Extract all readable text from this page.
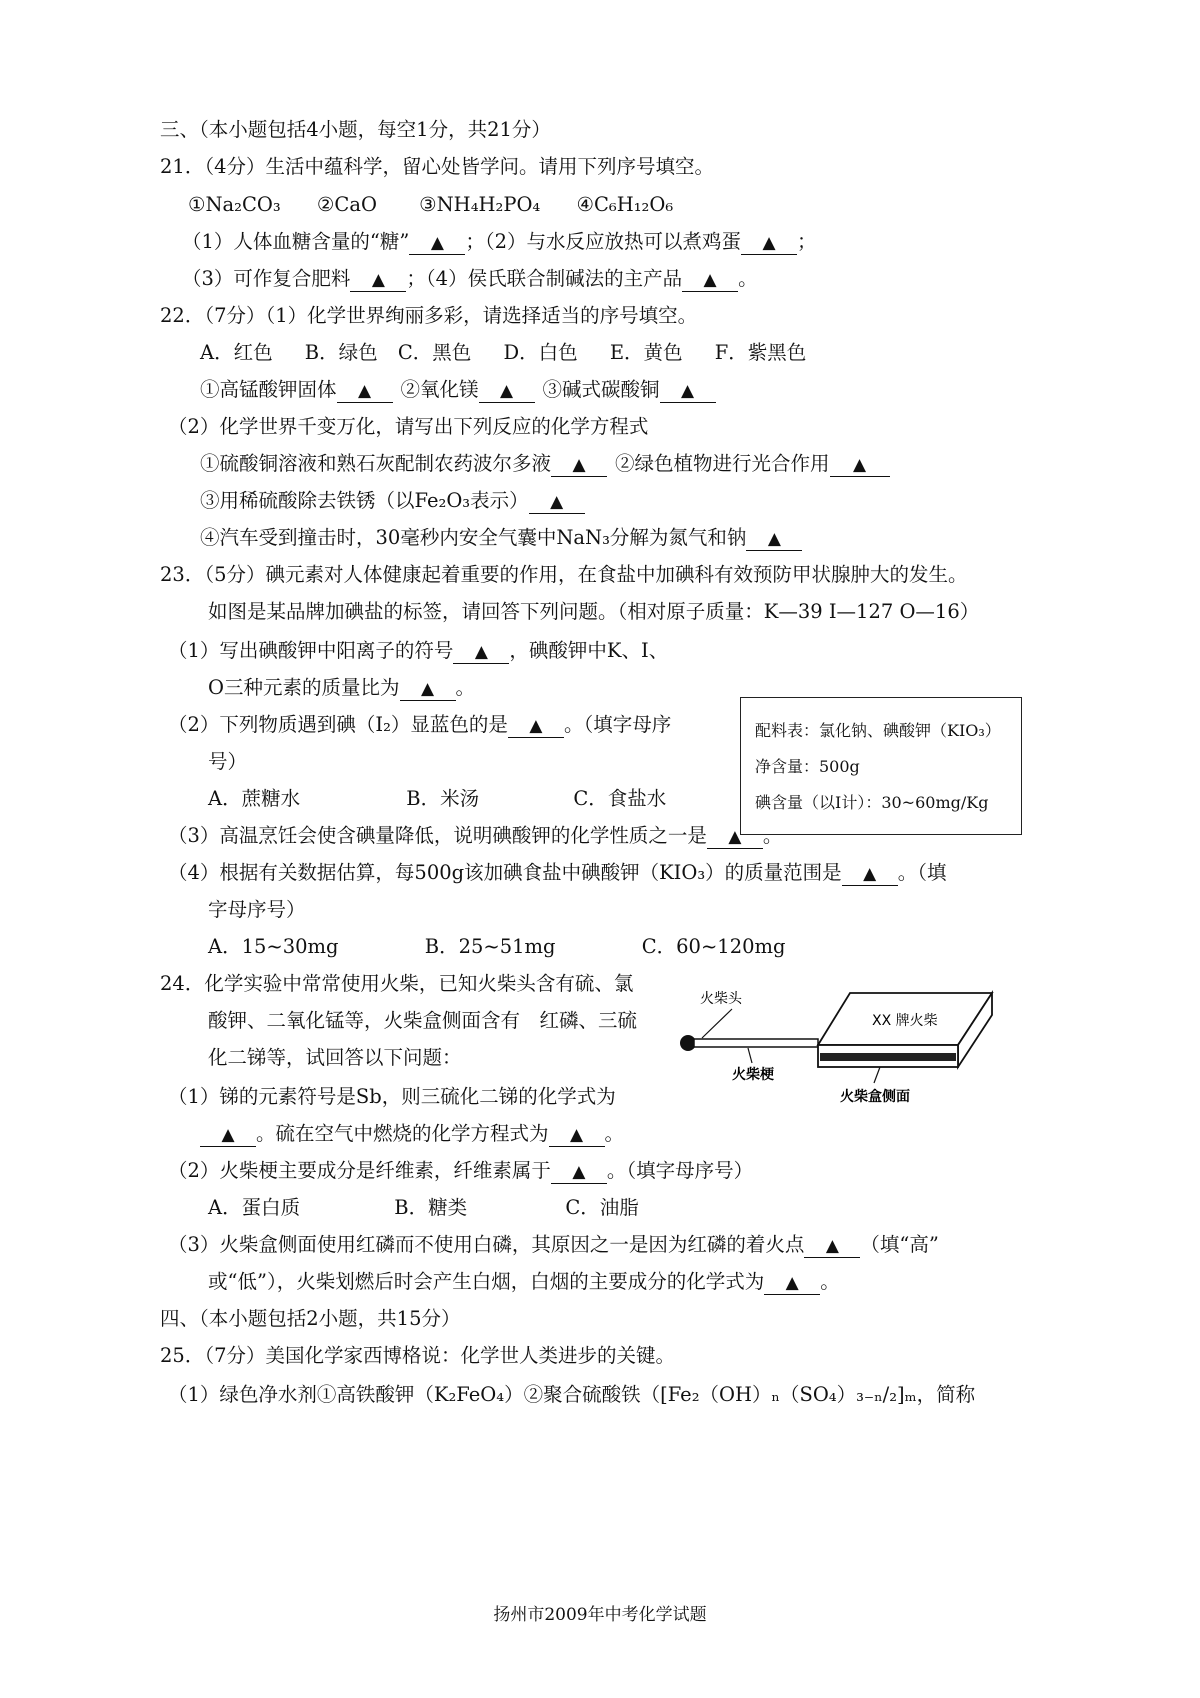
三、（本小题包括4小题，每空1分，共21分）
21．（4分）生活中蕴科学，留心处皆学问。请用下列序号填空。
①Na₂CO₃ ②CaO ③NH₄H₂PO₄ ④C₆H₁₂O₆
（1）人体血糖含量的“糖” ▲ ；（2）与水反应放热可以煮鸡蛋 ▲ ；
（3）可作复合肥料 ▲ ；（4）侯氏联合制碱法的主产品 ▲ 。
22．（7分）（1）化学世界绚丽多彩，请选择适当的序号填空。
A．红色 B．绿色 C．黑色 D．白色 E．黄色 F．紫黑色
①高锰酸钾固体 ▲ ②氧化镁 ▲ ③碱式碳酸铜 ▲
（2）化学世界千变万化，请写出下列反应的化学方程式
①硫酸铜溶液和熟石灰配制农药波尔多液 ▲ ②绿色植物进行光合作用 ▲
③用稀硫酸除去铁锈（以Fe₂O₃表示） ▲
④汽车受到撞击时，30毫秒内安全气囊中NaN₃分解为氮气和钠 ▲
23．（5分）碘元素对人体健康起着重要的作用，在食盐中加碘科有效预防甲状腺肿大的发生。
如图是某品牌加碘盐的标签，请回答下列问题。（相对原子质量：K—39 I—127 O—16）
（1）写出碘酸钾中阳离子的符号 ▲ ，碘酸钾中K、I、
O三种元素的质量比为 ▲ 。
（2）下列物质遇到碘（I₂）显蓝色的是 ▲ 。（填字母序
号）
配料表：氯化钠、碘酸钾（KIO₃）
净含量：500g
碘含量（以I计）：30~60mg/Kg
A．蔗糖水	B．米汤	C．食盐水
（3）高温烹饪会使含碘量降低，说明碘酸钾的化学性质之一是 ▲ 。
（4）根据有关数据估算，每500g该加碘食盐中碘酸钾（KIO₃）的质量范围是 ▲ 。（填
字母序号）
A．15~30mg	B．25~51mg	C．60~120mg
24．化学实验中常常使用火柴，已知火柴头含有硫、氯
酸钾、二氧化锰等，火柴盒侧面含有　红磷、三硫
化二锑等，试回答以下问题：
火柴头
火柴梗
XX 牌火柴
火柴盒侧面
（1）锑的元素符号是Sb，则三硫化二锑的化学式为
▲ 。硫在空气中燃烧的化学方程式为 ▲ 。
（2）火柴梗主要成分是纤维素，纤维素属于 ▲ 。（填字母序号）
A．蛋白质	B．糖类	C．油脂
（3）火柴盒侧面使用红磷而不使用白磷，其原因之一是因为红磷的着火点 ▲ （填“高”
或“低”），火柴划燃后时会产生白烟，白烟的主要成分的化学式为 ▲ 。
四、（本小题包括2小题，共15分）
25．（7分）美国化学家西博格说：化学世人类进步的关键。
（1）绿色净水剂①高铁酸钾（K₂FeO₄）②聚合硫酸铁（[Fe₂（OH）ₙ（SO₄）₃₋ₙ/₂]ₘ，简称
扬州市2009年中考化学试题
